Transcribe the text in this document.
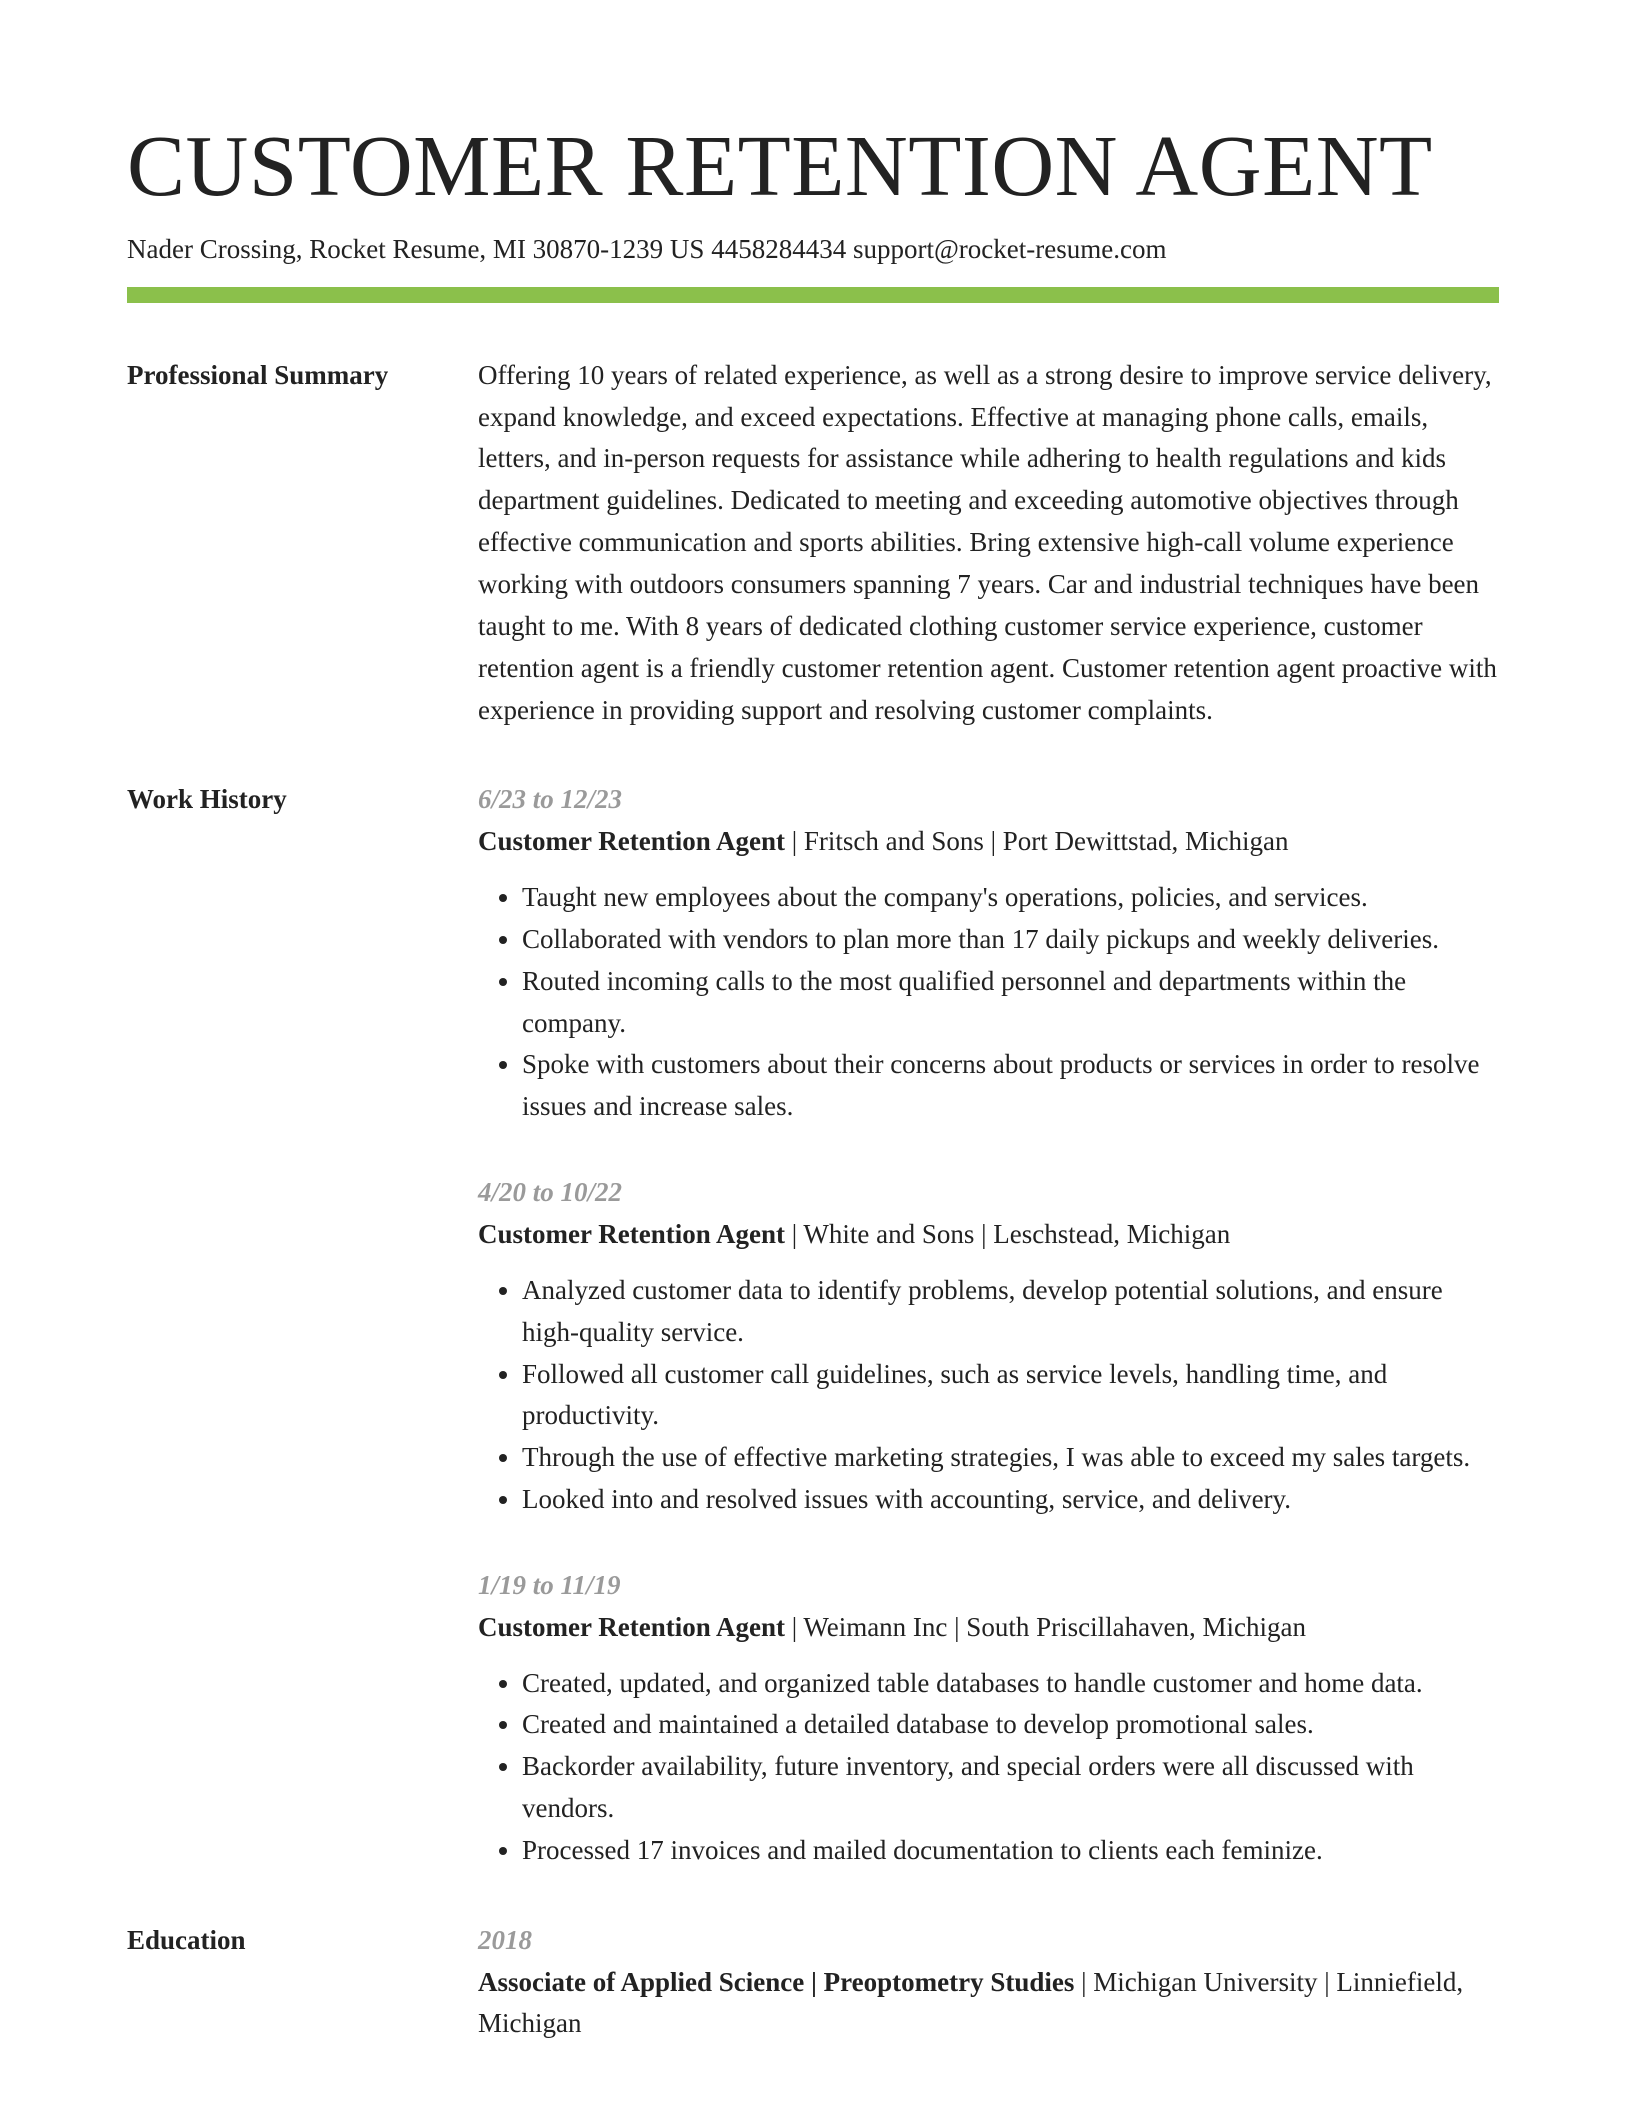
CUSTOMER RETENTION AGENT
Nader Crossing, Rocket Resume, MI 30870-1239 US 4458284434 support@rocket-resume.com
Professional Summary	Offering 10 years of related experience, as well as a strong desire to improve service delivery, expand knowledge, and exceed expectations. Effective at managing phone calls, emails, letters, and in-person requests for assistance while adhering to health regulations and kids department guidelines. Dedicated to meeting and exceeding automotive objectives through effective communication and sports abilities. Bring extensive high-call volume experience working with outdoors consumers spanning 7 years. Car and industrial techniques have been taught to me. With 8 years of dedicated clothing customer service experience, customer retention agent is a friendly customer retention agent. Customer retention agent proactive with experience in providing support and resolving customer complaints.

Work History	6/23 to 12/23
Customer Retention Agent | Fritsch and Sons | Port Dewittstad, Michigan
• Taught new employees about the company's operations, policies, and services.
• Collaborated with vendors to plan more than 17 daily pickups and weekly deliveries.
• Routed incoming calls to the most qualified personnel and departments within the company.
• Spoke with customers about their concerns about products or services in order to resolve issues and increase sales.
4/20 to 10/22
Customer Retention Agent | White and Sons | Leschstead, Michigan
• Analyzed customer data to identify problems, develop potential solutions, and ensure high-quality service.
• Followed all customer call guidelines, such as service levels, handling time, and productivity.
• Through the use of effective marketing strategies, I was able to exceed my sales targets.
• Looked into and resolved issues with accounting, service, and delivery.
1/19 to 11/19
Customer Retention Agent | Weimann Inc | South Priscillahaven, Michigan
• Created, updated, and organized table databases to handle customer and home data.
• Created and maintained a detailed database to develop promotional sales.
• Backorder availability, future inventory, and special orders were all discussed with vendors.
• Processed 17 invoices and mailed documentation to clients each feminize.
Education	2018
Associate of Applied Science | Preoptometry Studies | Michigan University | Linniefield, Michigan
